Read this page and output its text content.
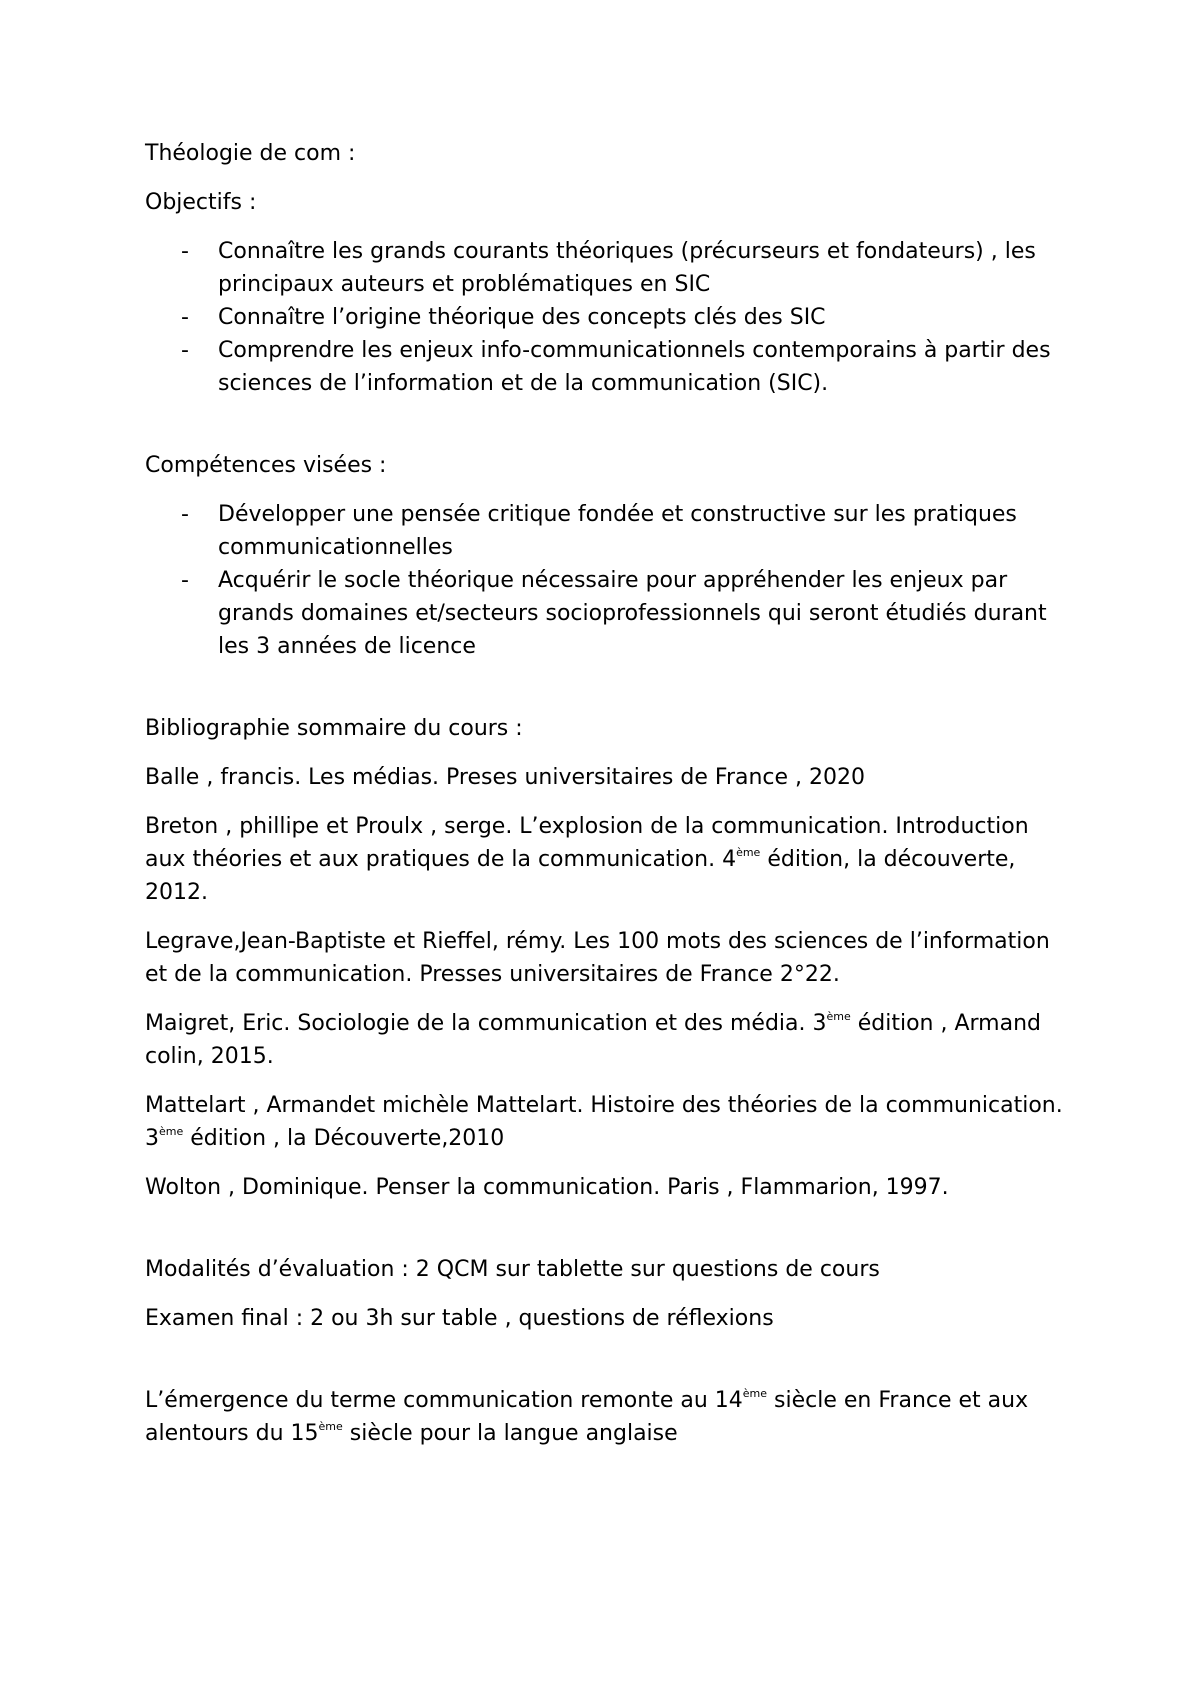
Théologie de com :

Objectifs :

- Connaître les grands courants théoriques (précurseurs et fondateurs) , les principaux auteurs et problématiques en SIC
- Connaître l’origine théorique des concepts clés des SIC
- Comprendre les enjeux info-communicationnels contemporains à partir des sciences de l’information et de la communication (SIC).

Compétences visées :

- Développer une pensée critique fondée et constructive sur les pratiques communicationnelles
- Acquérir le socle théorique nécessaire pour appréhender les enjeux par grands domaines et/secteurs socioprofessionnels qui seront étudiés durant les 3 années de licence

Bibliographie sommaire du cours :

Balle , francis. Les médias. Preses universitaires de France , 2020

Breton , phillipe et Proulx , serge. L’explosion de la communication. Introduction aux théories et aux pratiques de la communication. 4ème édition, la découverte, 2012.

Legrave,Jean-Baptiste et Rieffel, rémy. Les 100 mots des sciences de l’information et de la communication. Presses universitaires de France 2°22.

Maigret, Eric. Sociologie de la communication et des média. 3ème édition , Armand colin, 2015.

Mattelart , Armandet michèle Mattelart. Histoire des théories de la communication. 3ème édition , la Découverte,2010

Wolton , Dominique. Penser la communication. Paris , Flammarion, 1997.

Modalités d’évaluation : 2 QCM sur tablette sur questions de cours

Examen final : 2 ou 3h sur table , questions de réflexions

L’émergence du terme communication remonte au 14ème siècle en France et aux alentours du 15ème siècle pour la langue anglaise
